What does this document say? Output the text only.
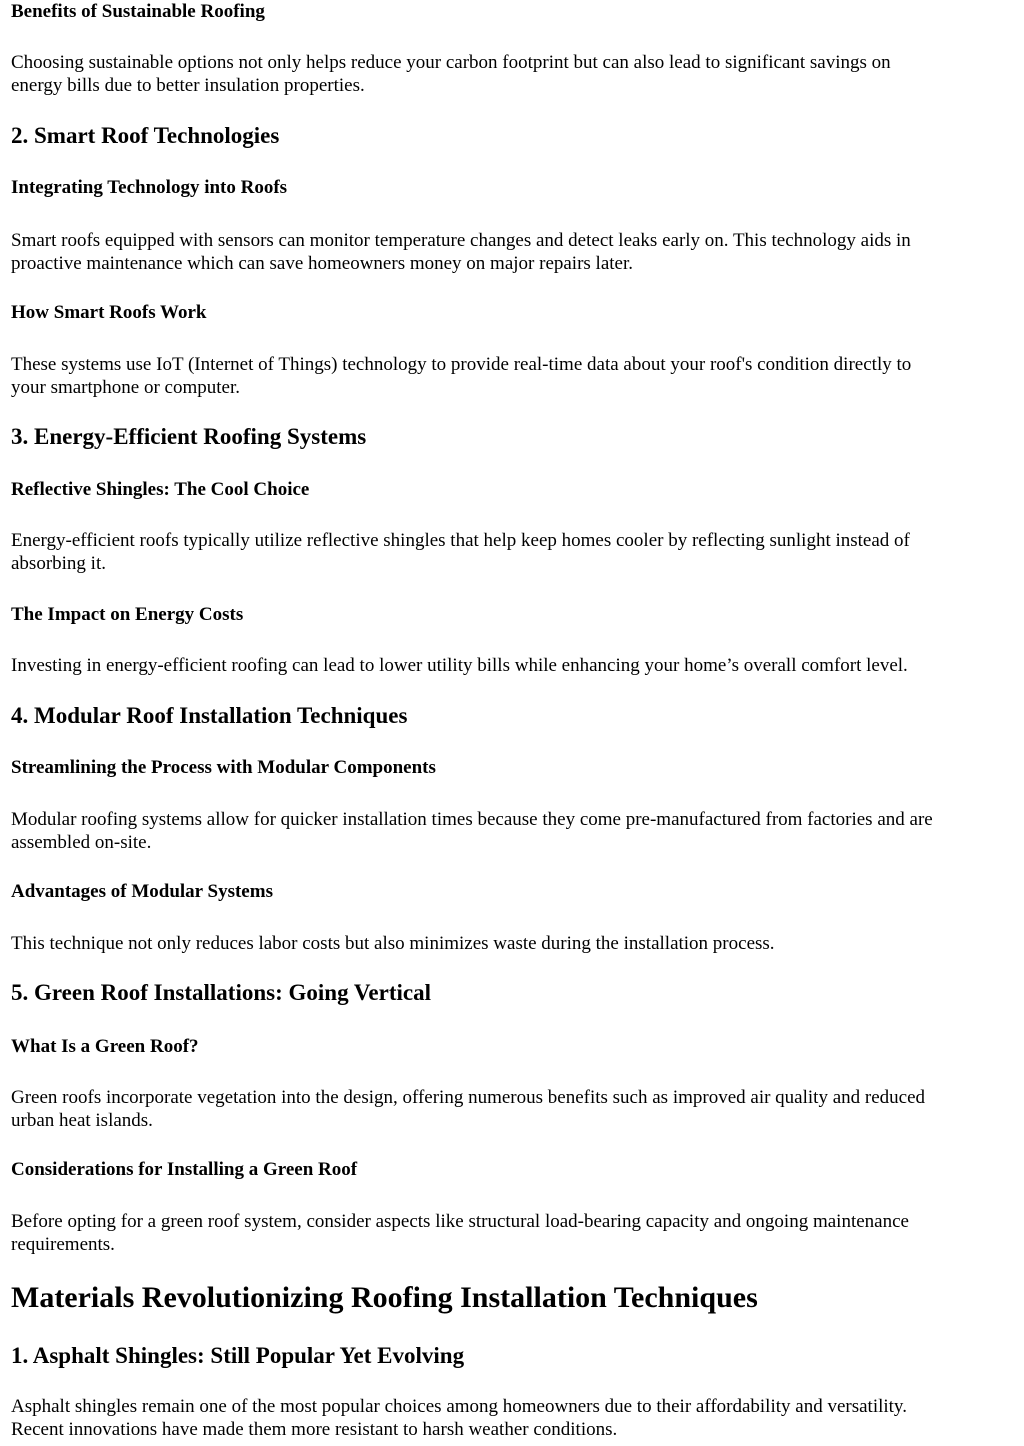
Benefits of Sustainable Roofing

Choosing sustainable options not only helps reduce your carbon footprint but can also lead to significant savings on

energy bills due to better insulation properties.

2. Smart Roof Technologies
Integrating Technology into Roofs

Smart roofs equipped with sensors can monitor temperature changes and detect leaks early on. This technology aids in

proactive maintenance which can save homeowners money on major repairs later.

How Smart Roofs Work

These systems use IoT (Internet of Things) technology to provide real-time data about your roof's condition directly to

your smartphone or computer.

3. Energy-Efficient Roofing Systems
Reflective Shingles: The Cool Choice

Energy-efficient roofs typically utilize reflective shingles that help keep homes cooler by reflecting sunlight instead of

absorbing it.

The Impact on Energy Costs

Investing in energy-efficient roofing can lead to lower utility bills while enhancing your home’s overall comfort level.

4. Modular Roof Installation Techniques
Streamlining the Process with Modular Components

Modular roofing systems allow for quicker installation times because they come pre-manufactured from factories and are

assembled on-site.

Advantages of Modular Systems

This technique not only reduces labor costs but also minimizes waste during the installation process.

5. Green Roof Installations: Going Vertical
What Is a Green Roof?

Green roofs incorporate vegetation into the design, offering numerous benefits such as improved air quality and reduced

urban heat islands.

Considerations for Installing a Green Roof

Before opting for a green roof system, consider aspects like structural load-bearing capacity and ongoing maintenance

requirements.

Materials Revolutionizing Roofing Installation Techniques
1. Asphalt Shingles: Still Popular Yet Evolving

Asphalt shingles remain one of the most popular choices among homeowners due to their affordability and versatility.

Recent innovations have made them more resistant to harsh weather conditions.
